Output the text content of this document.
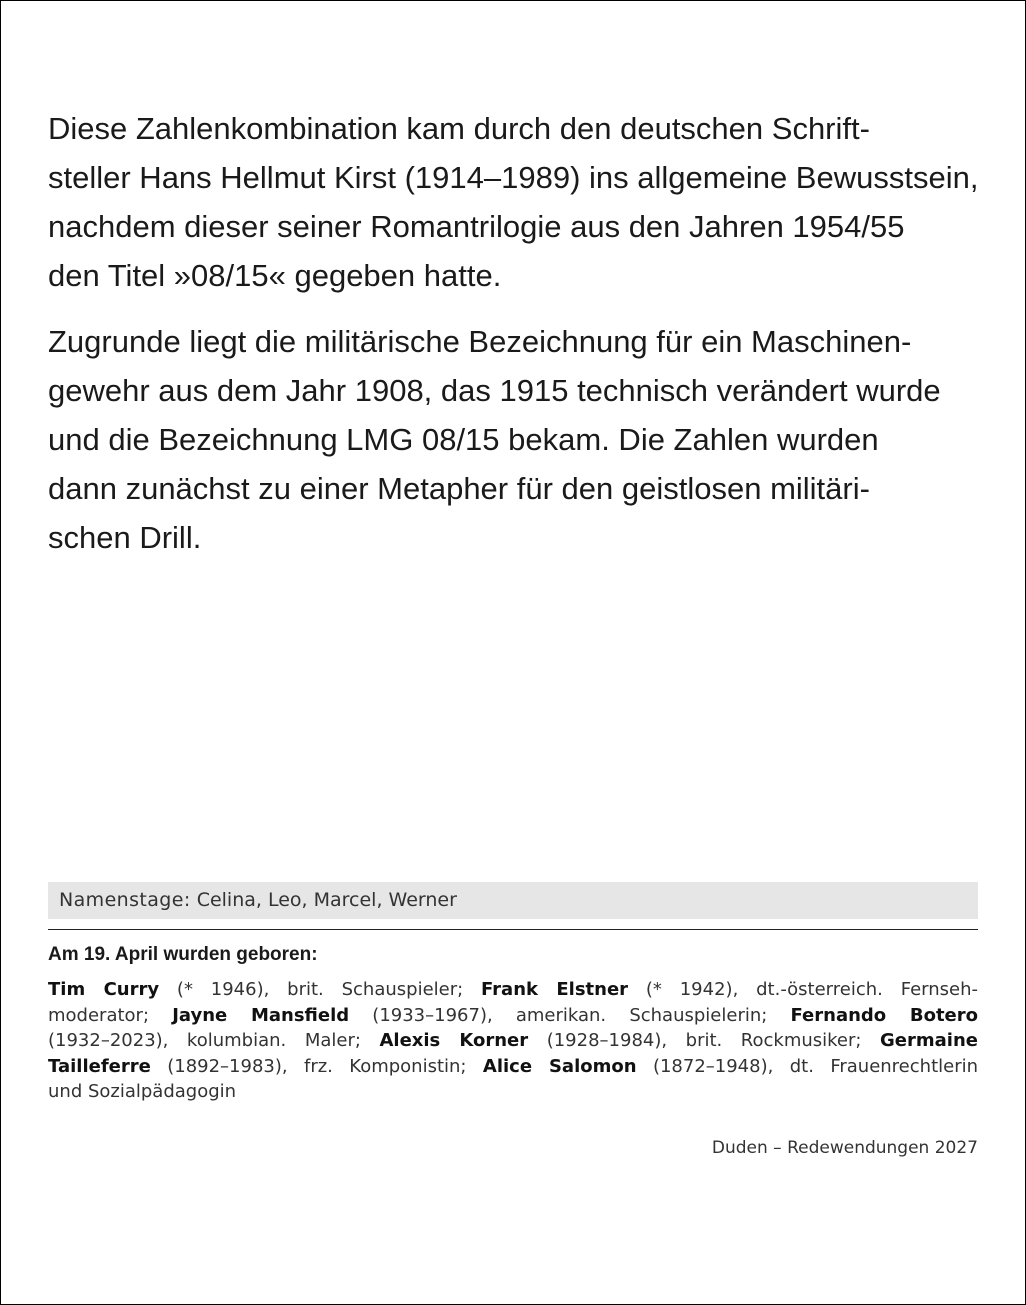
Diese Zahlenkombination kam durch den deutschen Schrift-
steller Hans Hellmut Kirst (1914–1989) ins allgemeine Bewusstsein,
nachdem dieser seiner Romantrilogie aus den Jahren 1954/55
den Titel »08/15« gegeben hatte.

Zugrunde liegt die militärische Bezeichnung für ein Maschinen-
gewehr aus dem Jahr 1908, das 1915 technisch verändert wurde
und die Bezeichnung LMG 08/15 bekam. Die Zahlen wurden
dann zunächst zu einer Metapher für den geistlosen militäri-
schen Drill.

Namenstage: Celina, Leo, Marcel, Werner
Am 19. April wurden geboren:
Tim Curry (* 1946), brit. Schauspieler; Frank Elstner (* 1942), dt.-österreich. Fernseh-
moderator; Jayne Mansfield (1933–1967), amerikan. Schauspielerin; Fernando Botero
(1932–2023), kolumbian. Maler; Alexis Korner (1928–1984), brit. Rockmusiker; Germaine
Tailleferre (1892–1983), frz. Komponistin; Alice Salomon (1872–1948), dt. Frauenrechtlerin
und Sozialpädagogin
Duden – Redewendungen 2027
